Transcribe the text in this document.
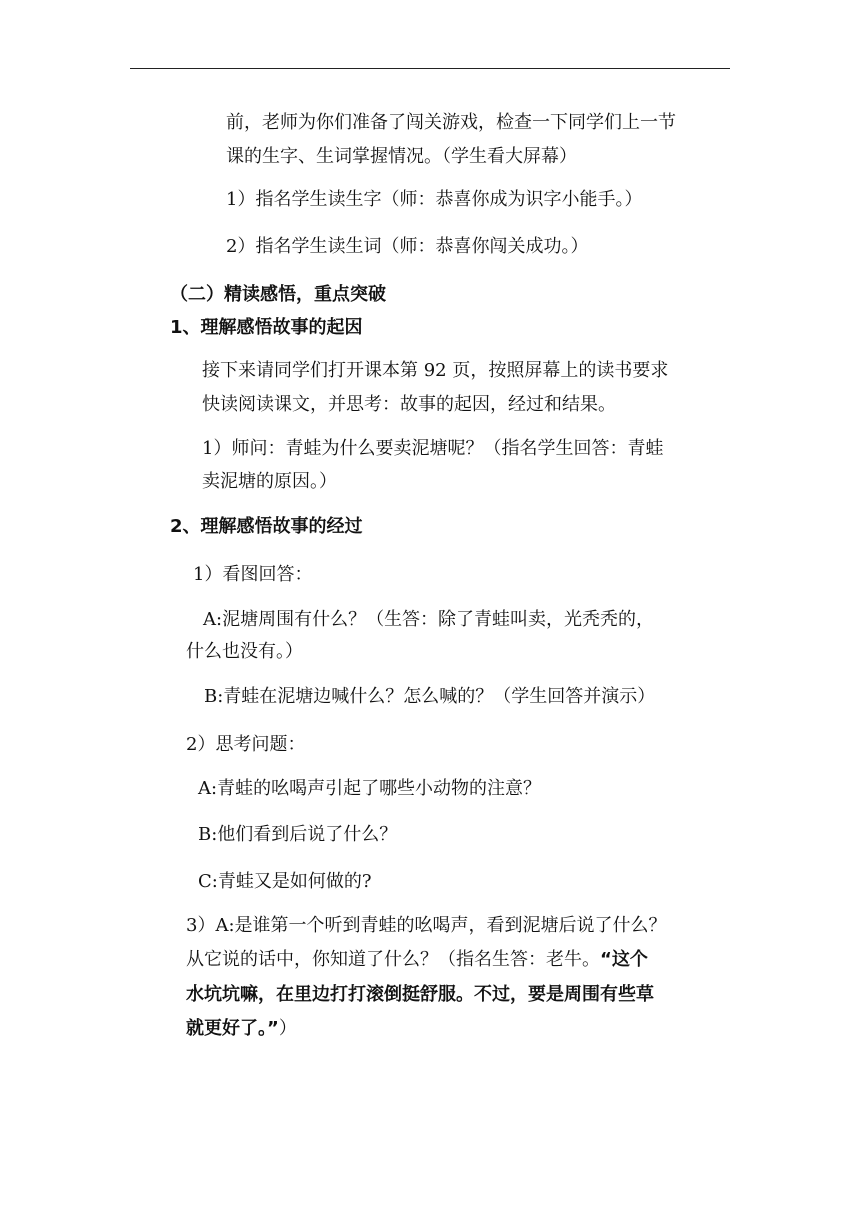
前，老师为你们准备了闯关游戏，检查一下同学们上一节
课的生字、生词掌握情况。（学生看大屏幕）
1）指名学生读生字（师：恭喜你成为识字小能手。）
2）指名学生读生词（师：恭喜你闯关成功。）
（二）精读感悟，重点突破
1、理解感悟故事的起因
接下来请同学们打开课本第 92 页，按照屏幕上的读书要求
快读阅读课文，并思考：故事的起因，经过和结果。
1）师问：青蛙为什么要卖泥塘呢？（指名学生回答：青蛙
卖泥塘的原因。）
2、理解感悟故事的经过
1）看图回答：
A:泥塘周围有什么？（生答：除了青蛙叫卖，光秃秃的，
什么也没有。）
B:青蛙在泥塘边喊什么？怎么喊的？（学生回答并演示）
2）思考问题：
A:青蛙的吆喝声引起了哪些小动物的注意？
B:他们看到后说了什么？
C:青蛙又是如何做的?
3）A:是谁第一个听到青蛙的吆喝声，看到泥塘后说了什么？
从它说的话中，你知道了什么？（指名生答：老牛。“这个
水坑坑嘛，在里边打打滚倒挺舒服。不过，要是周围有些草
就更好了。”）
